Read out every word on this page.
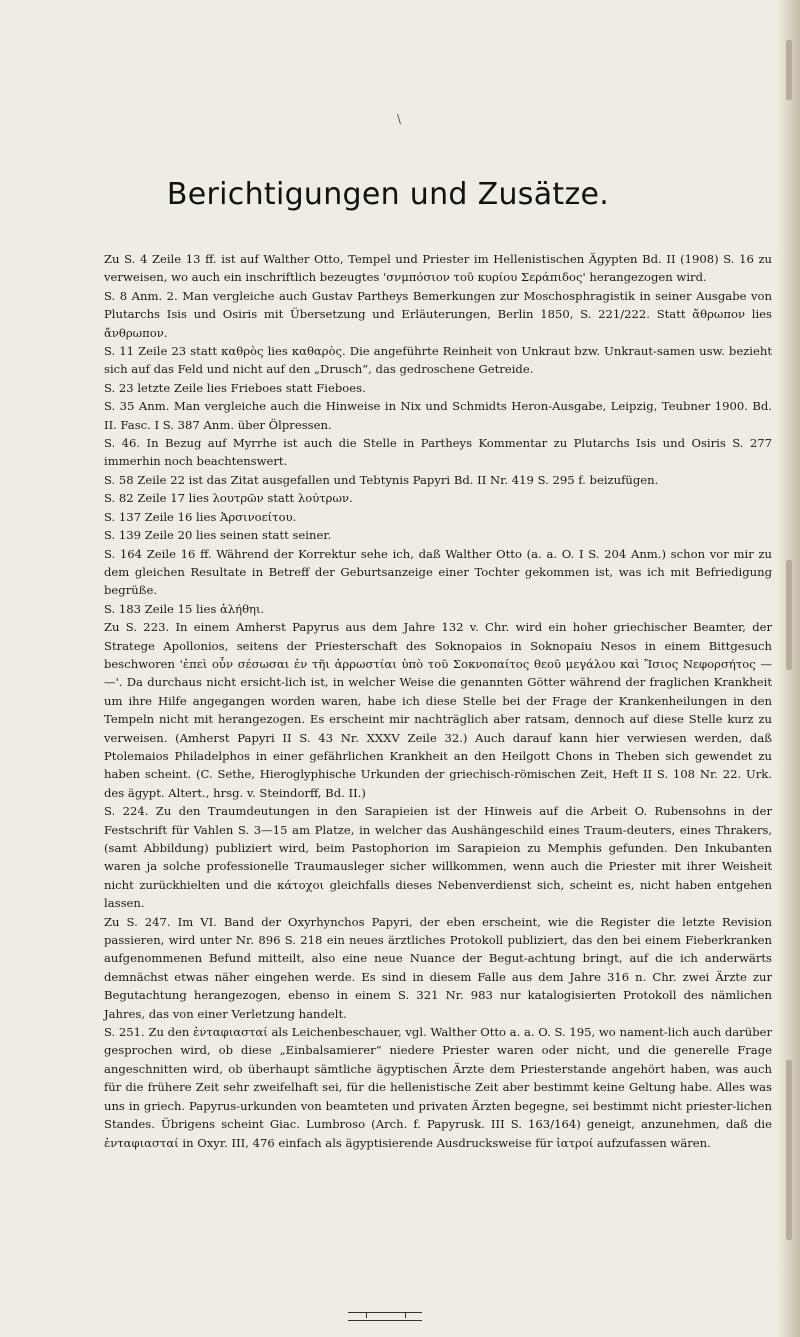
\
Berichtigungen und Zusätze.

Zu S. 4 Zeile 13 ff. ist auf Walther Otto, Tempel und Priester im Hellenistischen Ägypten Bd. II (1908) S. 16 zu verweisen, wo auch ein inschriftlich bezeugtes 'σνμπόσιον τοῦ κυρίου Σεράπιδος' herangezogen wird.

S. 8 Anm. 2. Man vergleiche auch Gustav Partheys Bemerkungen zur Moschosphragistik in seiner Ausgabe von Plutarchs Isis und Osiris mit Übersetzung und Erläuterungen, Berlin 1850, S. 221/222. Statt ἄθρωπον lies ἄνθρωπον.

S. 11 Zeile 23 statt καθρὸς lies καθαρὸς. Die angeführte Reinheit von Unkraut bzw. Unkraut-samen usw. bezieht sich auf das Feld und nicht auf den „Drusch“, das gedroschene Getreide.

S. 23 letzte Zeile lies Frieboes statt Fieboes.

S. 35 Anm. Man vergleiche auch die Hinweise in Nix und Schmidts Heron-Ausgabe, Leipzig, Teubner 1900. Bd. II. Fasc. I S. 387 Anm. über Ölpressen.

S. 46. In Bezug auf Myrrhe ist auch die Stelle in Partheys Kommentar zu Plutarchs Isis und Osiris S. 277 immerhin noch beachtenswert.

S. 58 Zeile 22 ist das Zitat ausgefallen und Tebtynis Papyri Bd. II Nr. 419 S. 295 f. beizufügen.

S. 82 Zeile 17 lies λουτρῶν statt λούτρων.

S. 137 Zeile 16 lies Ἀρσινοείτου.

S. 139 Zeile 20 lies seinen statt seiner.

S. 164 Zeile 16 ff. Während der Korrektur sehe ich, daß Walther Otto (a. a. O. I S. 204 Anm.) schon vor mir zu dem gleichen Resultate in Betreff der Geburtsanzeige einer Tochter gekommen ist, was ich mit Befriedigung begrüße.

S. 183 Zeile 15 lies ἀλήθηι.

Zu S. 223. In einem Amherst Papyrus aus dem Jahre 132 v. Chr. wird ein hoher griechischer Beamter, der Stratege Apollonios, seitens der Priesterschaft des Soknopaios in Soknopaiu Nesos in einem Bittgesuch beschworen 'ἐπεὶ οὖν σέσωσαι ἐν τῆι ἀρρωστίαι ὑπὸ τοῦ Σοκνοπαίτος θεοῦ μεγάλου καὶ Ἴσιος Νεφορσήτος — —'. Da durchaus nicht ersicht-lich ist, in welcher Weise die genannten Götter während der fraglichen Krankheit um ihre Hilfe angegangen worden waren, habe ich diese Stelle bei der Frage der Krankenheilungen in den Tempeln nicht mit herangezogen. Es erscheint mir nachträglich aber ratsam, dennoch auf diese Stelle kurz zu verweisen. (Amherst Papyri II S. 43 Nr. XXXV Zeile 32.) Auch darauf kann hier verwiesen werden, daß Ptolemaios Philadelphos in einer gefährlichen Krankheit an den Heilgott Chons in Theben sich gewendet zu haben scheint. (C. Sethe, Hieroglyphische Urkunden der griechisch-römischen Zeit, Heft II S. 108 Nr. 22. Urk. des ägypt. Altert., hrsg. v. Steindorff, Bd. II.)

S. 224. Zu den Traumdeutungen in den Sarapieien ist der Hinweis auf die Arbeit O. Rubensohns in der Festschrift für Vahlen S. 3—15 am Platze, in welcher das Aushängeschild eines Traum-deuters, eines Thrakers, (samt Abbildung) publiziert wird, beim Pastophorion im Sarapieion zu Memphis gefunden. Den Inkubanten waren ja solche professionelle Traumausleger sicher willkommen, wenn auch die Priester mit ihrer Weisheit nicht zurückhielten und die κάτοχοι gleichfalls dieses Nebenverdienst sich, scheint es, nicht haben entgehen lassen.

Zu S. 247. Im VI. Band der Oxyrhynchos Papyri, der eben erscheint, wie die Register die letzte Revision passieren, wird unter Nr. 896 S. 218 ein neues ärztliches Protokoll publiziert, das den bei einem Fieberkranken aufgenommenen Befund mitteilt, also eine neue Nuance der Begut-achtung bringt, auf die ich anderwärts demnächst etwas näher eingehen werde. Es sind in diesem Falle aus dem Jahre 316 n. Chr. zwei Ärzte zur Begutachtung herangezogen, ebenso in einem S. 321 Nr. 983 nur katalogisierten Protokoll des nämlichen Jahres, das von einer Verletzung handelt.

S. 251. Zu den ἐνταφιασταί als Leichenbeschauer, vgl. Walther Otto a. a. O. S. 195, wo nament-lich auch darüber gesprochen wird, ob diese „Einbalsamierer“ niedere Priester waren oder nicht, und die generelle Frage angeschnitten wird, ob überhaupt sämtliche ägyptischen Ärzte dem Priesterstande angehört haben, was auch für die frühere Zeit sehr zweifelhaft sei, für die hellenistische Zeit aber bestimmt keine Geltung habe. Alles was uns in griech. Papyrus-urkunden von beamteten und privaten Ärzten begegne, sei bestimmt nicht priester-lichen Standes. Übrigens scheint Giac. Lumbroso (Arch. f. Papyrusk. III S. 163/164) geneigt, anzunehmen, daß die ἐνταφιασταί in Oxyr. III, 476 einfach als ägyptisierende Ausdrucksweise für ἰατροί aufzufassen wären.
